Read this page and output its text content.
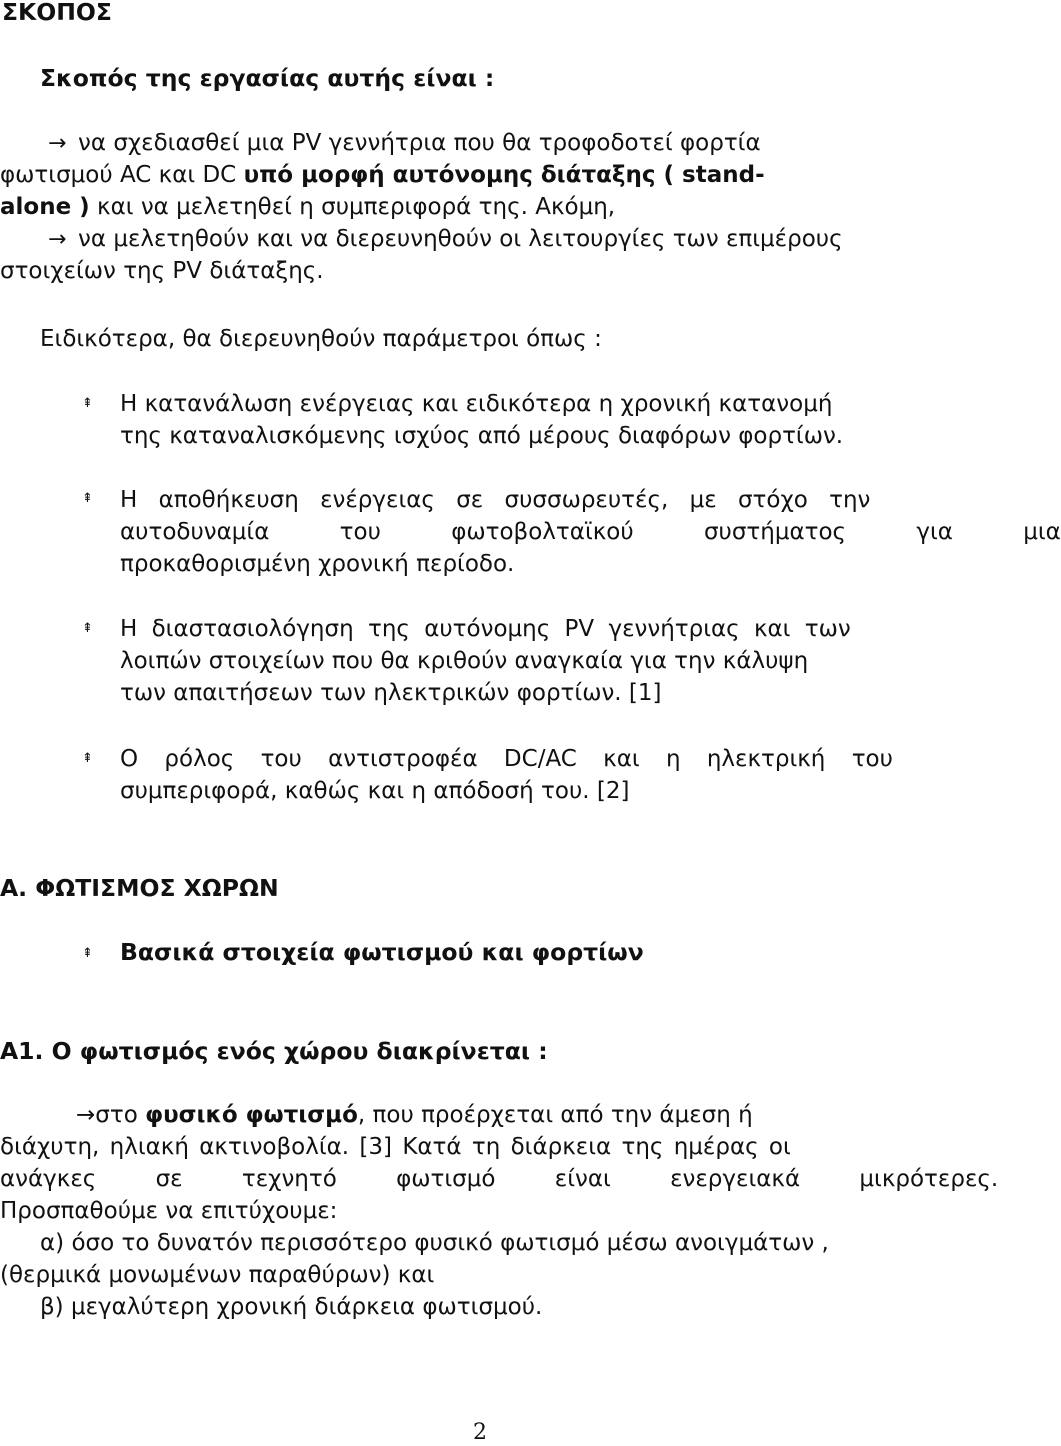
ΣΚΟΠΟΣ
Σκοπός της εργασίας αυτής είναι :
→ να σχεδιασθεί μια PV γεννήτρια που θα τροφοδοτεί φορτία
φωτισμού AC και DC υπό μορφή αυτόνομης διάταξης ( stand-
alone ) και να μελετηθεί η συμπεριφορά της. Ακόμη,
→ να μελετηθούν και να διερευνηθούν οι λειτουργίες των επιμέρους
στοιχείων της PV διάταξης.
Ειδικότερα, θα διερευνηθούν παράμετροι όπως :
⇞ Η κατανάλωση ενέργειας και ειδικότερα η χρονική κατανομή
της καταναλισκόμενης ισχύος από μέρους διαφόρων φορτίων.
⇞ Η αποθήκευση ενέργειας σε συσσωρευτές, με στόχο την
αυτοδυναμία του φωτοβολταϊκού συστήματος για μια
προκαθορισμένη χρονική περίοδο.
⇞ Η διαστασιολόγηση της αυτόνομης PV γεννήτριας και των
λοιπών στοιχείων που θα κριθούν αναγκαία για την κάλυψη
των απαιτήσεων των ηλεκτρικών φορτίων. [1]
⇞ Ο ρόλος του αντιστροφέα DC/AC και η ηλεκτρική του
συμπεριφορά, καθώς και η απόδοσή του. [2]
Α. ΦΩΤΙΣΜΟΣ ΧΩΡΩΝ
⇞ Βασικά στοιχεία φωτισμού και φορτίων
Α1. Ο φωτισμός ενός χώρου διακρίνεται :
→στο φυσικό φωτισμό, που προέρχεται από την άμεση ή
διάχυτη, ηλιακή ακτινοβολία. [3] Κατά τη διάρκεια της ημέρας οι
ανάγκες σε τεχνητό φωτισμό είναι ενεργειακά μικρότερες.
Προσπαθούμε να επιτύχουμε:
α) όσο το δυνατόν περισσότερο φυσικό φωτισμό μέσω ανοιγμάτων ,
(θερμικά μονωμένων παραθύρων) και
β) μεγαλύτερη χρονική διάρκεια φωτισμού.
2
